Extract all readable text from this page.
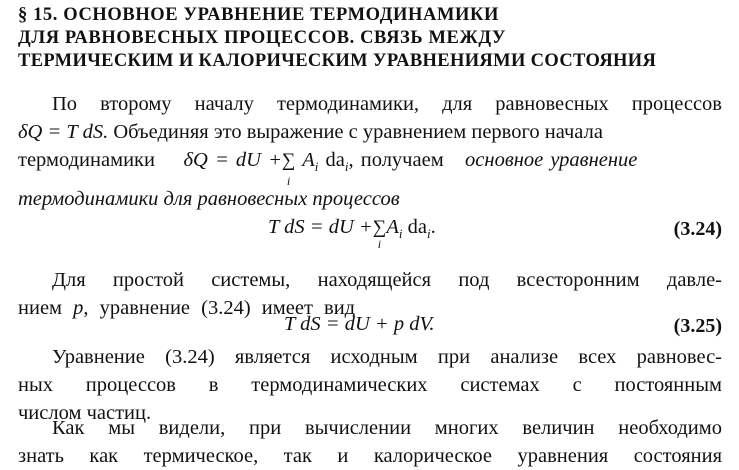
§ 15. ОСНОВНОЕ УРАВНЕНИЕ ТЕРМОДИНАМИКИ
ДЛЯ РАВНОВЕСНЫХ ПРОЦЕССОВ. СВЯЗЬ МЕЖДУ
ТЕРМИЧЕСКИМ И КАЛОРИЧЕСКИМ УРАВНЕНИЯМИ СОСТОЯНИЯ
По второму началу термодинамики, для равновесных процессов
δQ = T dS. Объединяя это выражение с уравнением первого начала
термодинамики δQ = dU +∑
i
$A_i$ $da_i$, получаем основное уравнение
термодинамики для равновесных процессов
T dS = dU +∑
i
$A_i$ $da_i$.	(3.24)
Для простой системы, находящейся под всесторонним давле-
нием p, уравнение (3.24) имеет вид
T dS = dU + p dV.	(3.25)
Уравнение (3.24) является исходным при анализе всех равновес-
ных процессов в термодинамических системах с постоянным
числом частиц.
Как мы видели, при вычислении многих величин необходимо
знать как термическое, так и калорическое уравнения состояния
